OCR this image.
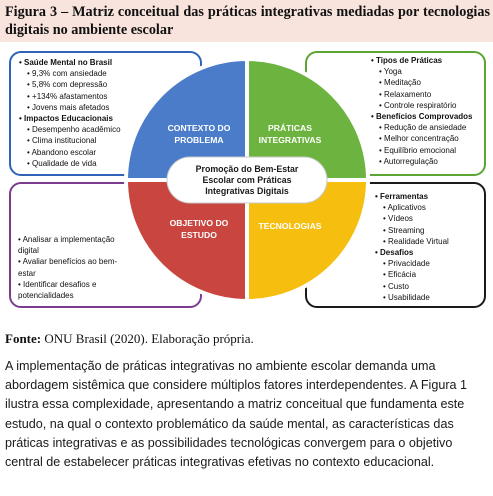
Figura 3 – Matriz conceitual das práticas integrativas mediadas por tecnologias digitais no ambiente escolar
• Saúde Mental no Brasil
• 9,3% com ansiedade
• 5,8% com depressão
• +134% afastamentos
• Jovens mais afetados
• Impactos Educacionais
• Desempenho acadêmico
• Clima institucional
• Abandono escolar
• Qualidade de vida
• Tipos de Práticas
• Yoga
• Meditação
• Relaxamento
• Controle respiratório
• Benefícios Comprovados
• Redução de ansiedade
• Melhor concentração
• Equilíbrio emocional
• Autorregulação
• Analisar a implementação
digital
• Avaliar benefícios ao bem-
estar
• Identificar desafios e
potencialidades
• Ferramentas
• Aplicativos
• Vídeos
• Streaming
• Realidade Virtual
• Desafios
• Privacidade
• Eficácia
• Custo
• Usabilidade
CONTEXTO DO
PROBLEMA
PRÁTICAS
INTEGRATIVAS
OBJETIVO DO
ESTUDO
TECNOLOGIAS
Promoção do Bem-Estar
Escolar com Práticas
Integrativas Digitais
Fonte: ONU Brasil (2020). Elaboração própria.
A implementação de práticas integrativas no ambiente escolar demanda uma abordagem sistêmica que considere múltiplos fatores interdependentes. A Figura 1 ilustra essa complexidade, apresentando a matriz conceitual que fundamenta este estudo, na qual o contexto problemático da saúde mental, as características das práticas integrativas e as possibilidades tecnológicas convergem para o objetivo central de estabelecer práticas integrativas efetivas no contexto educacional.
